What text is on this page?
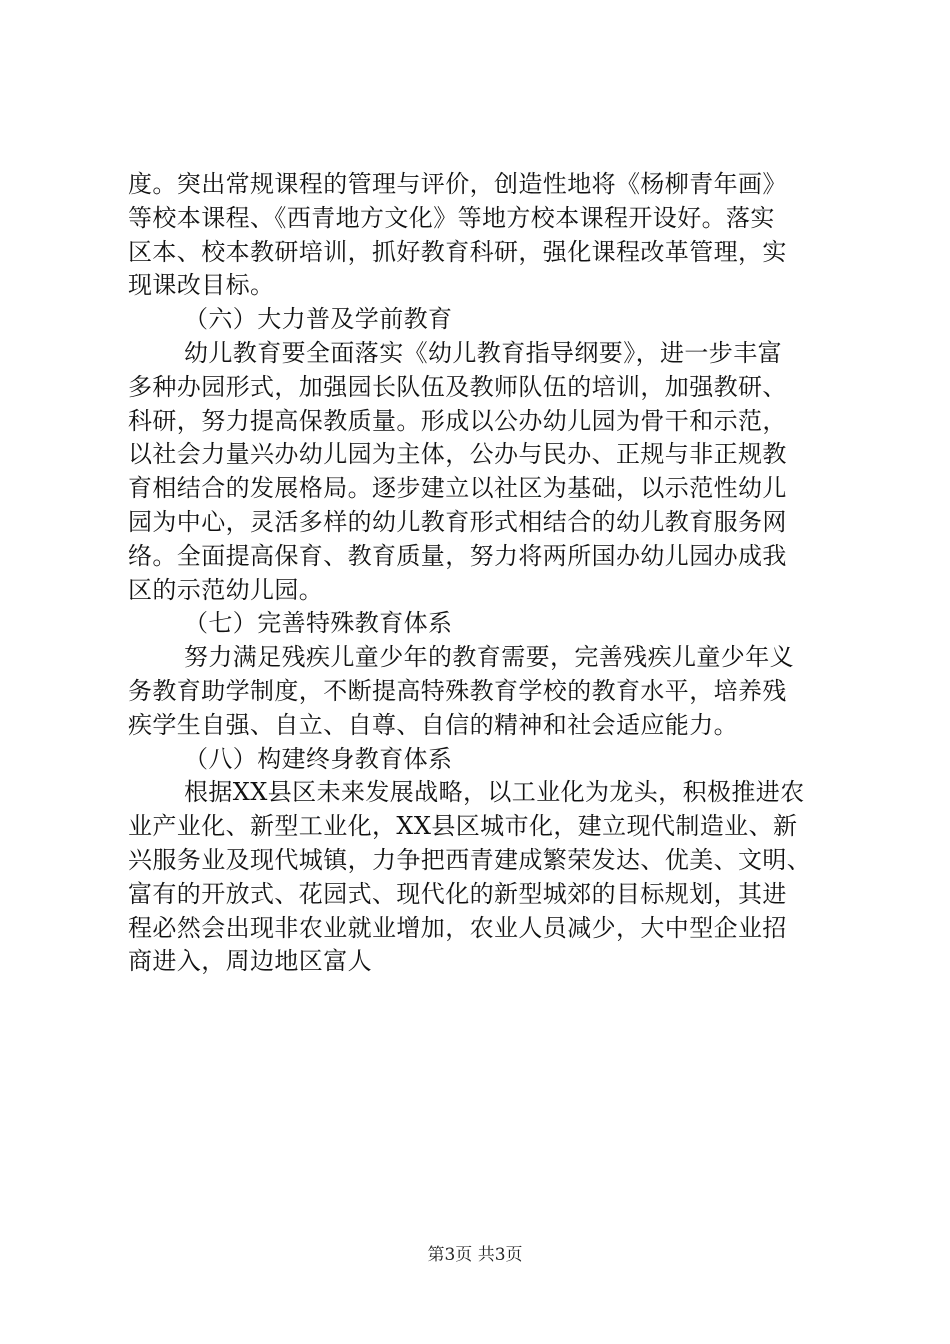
度。突出常规课程的管理与评价，创造性地将《杨柳青年画》
等校本课程、《西青地方文化》等地方校本课程开设好。落实
区本、校本教研培训，抓好教育科研，强化课程改革管理，实
现课改目标。
（六）大力普及学前教育
幼儿教育要全面落实《幼儿教育指导纲要》，进一步丰富
多种办园形式，加强园长队伍及教师队伍的培训，加强教研、
科研，努力提高保教质量。形成以公办幼儿园为骨干和示范，
以社会力量兴办幼儿园为主体，公办与民办、正规与非正规教
育相结合的发展格局。逐步建立以社区为基础，以示范性幼儿
园为中心，灵活多样的幼儿教育形式相结合的幼儿教育服务网
络。全面提高保育、教育质量，努力将两所国办幼儿园办成我
区的示范幼儿园。
（七）完善特殊教育体系
努力满足残疾儿童少年的教育需要，完善残疾儿童少年义
务教育助学制度，不断提高特殊教育学校的教育水平，培养残
疾学生自强、自立、自尊、自信的精神和社会适应能力。
（八）构建终身教育体系
根据XX县区未来发展战略，以工业化为龙头，积极推进农
业产业化、新型工业化，XX县区城市化，建立现代制造业、新
兴服务业及现代城镇，力争把西青建成繁荣发达、优美、文明、
富有的开放式、花园式、现代化的新型城郊的目标规划，其进
程必然会出现非农业就业增加，农业人员减少，大中型企业招
商进入，周边地区富人
第3页 共3页
